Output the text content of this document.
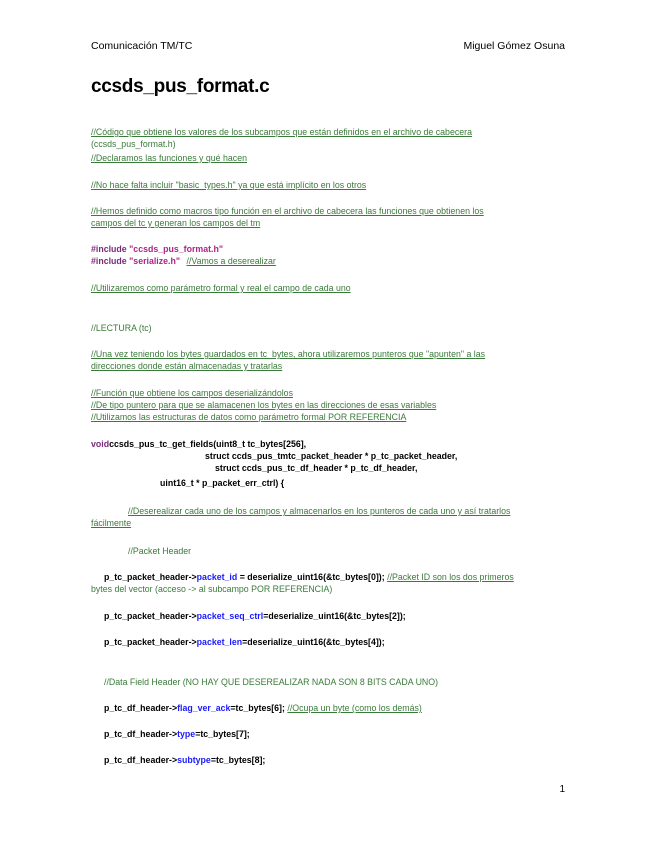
Comunicación TM/TC	Miguel Gómez Osuna
ccsds_pus_format.c
//Código que obtiene los valores de los subcampos que están definidos en el archivo de cabecera
(ccsds_pus_format.h)
//Declaramos las funciones y qué hacen
//No hace falta incluir "basic_types.h" ya que está implícito en los otros
//Hemos definido como macros tipo función en el archivo de cabecera las funciones que obtienen los
campos del tc y generan los campos del tm
#include "ccsds_pus_format.h"
#include "serialize.h" //Vamos a deserealizar
//Utilizaremos como parámetro formal y real el campo de cada uno
//LECTURA (tc)
//Una vez teniendo los bytes guardados en tc_bytes, ahora utilizaremos punteros que "apunten" a las
direcciones donde están almacenadas y tratarlas
//Función que obtiene los campos deserializándolos
//De tipo puntero para que se alamacenen los bytes en las direcciones de esas variables
//Utilizamos las estructuras de datos como parámetro formal POR REFERENCIA
voidccsds_pus_tc_get_fields(uint8_t tc_bytes[256],
struct ccds_pus_tmtc_packet_header * p_tc_packet_header,
struct ccds_pus_tc_df_header * p_tc_df_header,
uint16_t * p_packet_err_ctrl) {
//Deserealizar cada uno de los campos y almacenarlos en los punteros de cada uno y así tratarlos
fácilmente
//Packet Header
p_tc_packet_header->packet_id = deserialize_uint16(&tc_bytes[0]); //Packet ID son los dos primeros
bytes del vector (acceso -> al subcampo POR REFERENCIA)
p_tc_packet_header->packet_seq_ctrl=deserialize_uint16(&tc_bytes[2]);
p_tc_packet_header->packet_len=deserialize_uint16(&tc_bytes[4]);
//Data Field Header (NO HAY QUE DESEREALIZAR NADA SON 8 BITS CADA UNO)
p_tc_df_header->flag_ver_ack=tc_bytes[6]; //Ocupa un byte (como los demás)
p_tc_df_header->type=tc_bytes[7];
p_tc_df_header->subtype=tc_bytes[8];
1
